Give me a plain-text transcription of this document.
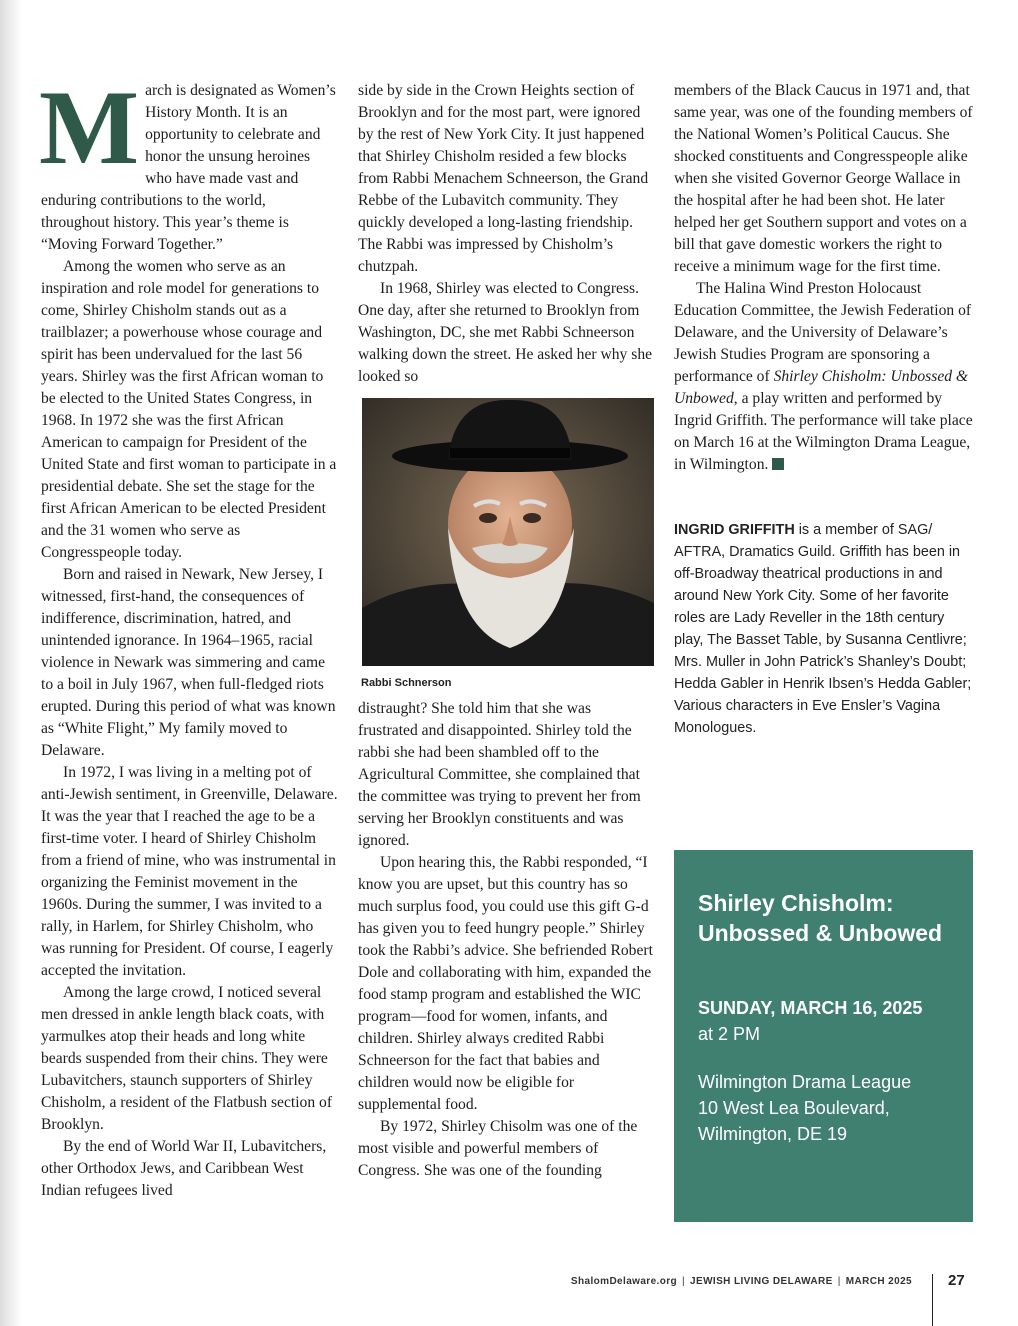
March is designated as Women’s History Month. It is an opportunity to celebrate and honor the unsung heroines who have made vast and enduring contributions to the world, throughout history. This year’s theme is “Moving Forward Together.”

Among the women who serve as an inspiration and role model for generations to come, Shirley Chisholm stands out as a trailblazer; a powerhouse whose courage and spirit has been undervalued for the last 56 years. Shirley was the first African woman to be elected to the United States Congress, in 1968. In 1972 she was the first African American to campaign for President of the United State and first woman to participate in a presidential debate. She set the stage for the first African American to be elected President and the 31 women who serve as Congresspeople today.

Born and raised in Newark, New Jersey, I witnessed, first-hand, the consequences of indifference, discrimination, hatred, and unintended ignorance. In 1964–1965, racial violence in Newark was simmering and came to a boil in July 1967, when full-fledged riots erupted. During this period of what was known as “White Flight,” My family moved to Delaware.

In 1972, I was living in a melting pot of anti-Jewish sentiment, in Greenville, Delaware. It was the year that I reached the age to be a first-time voter. I heard of Shirley Chisholm from a friend of mine, who was instrumental in organizing the Feminist movement in the 1960s. During the summer, I was invited to a rally, in Harlem, for Shirley Chisholm, who was running for President. Of course, I eagerly accepted the invitation.

Among the large crowd, I noticed several men dressed in ankle length black coats, with yarmulkes atop their heads and long white beards suspended from their chins. They were Lubavitchers, staunch supporters of Shirley Chisholm, a resident of the Flatbush section of Brooklyn.

By the end of World War II, Lubavitchers, other Orthodox Jews, and Caribbean West Indian refugees lived

side by side in the Crown Heights section of Brooklyn and for the most part, were ignored by the rest of New York City. It just happened that Shirley Chisholm resided a few blocks from Rabbi Menachem Schneerson, the Grand Rebbe of the Lubavitch community. They quickly developed a long-lasting friendship. The Rabbi was impressed by Chisholm’s chutzpah.

In 1968, Shirley was elected to Congress. One day, after she returned to Brooklyn from Washington, DC, she met Rabbi Schneerson walking down the street. He asked her why she looked so

Rabbi Schnerson

distraught? She told him that she was frustrated and disappointed. Shirley told the rabbi she had been shambled off to the Agricultural Committee, she complained that the committee was trying to prevent her from serving her Brooklyn constituents and was ignored.

Upon hearing this, the Rabbi responded, “I know you are upset, but this country has so much surplus food, you could use this gift G-d has given you to feed hungry people.” Shirley took the Rabbi’s advice. She befriended Robert Dole and collaborating with him, expanded the food stamp program and established the WIC program—food for women, infants, and children. Shirley always credited Rabbi Schneerson for the fact that babies and children would now be eligible for supplemental food.

By 1972, Shirley Chisolm was one of the most visible and powerful members of Congress. She was one of the founding

members of the Black Caucus in 1971 and, that same year, was one of the founding members of the National Women’s Political Caucus. She shocked constituents and Congresspeople alike when she visited Governor George Wallace in the hospital after he had been shot. He later helped her get Southern support and votes on a bill that gave domestic workers the right to receive a minimum wage for the first time.

The Halina Wind Preston Holocaust Education Committee, the Jewish Federation of Delaware, and the University of Delaware’s Jewish Studies Program are sponsoring a performance of Shirley Chisholm: Unbossed & Unbowed, a play written and performed by Ingrid Griffith. The performance will take place on March 16 at the Wilmington Drama League, in Wilmington.

INGRID GRIFFITH is a member of SAG/ AFTRA, Dramatics Guild. Griffith has been in off-Broadway theatrical productions in and around New York City. Some of her favorite roles are Lady Reveller in the 18th century play, The Basset Table, by Susanna Centlivre; Mrs. Muller in John Patrick’s Shanley’s Doubt; Hedda Gabler in Henrik Ibsen’s Hedda Gabler; Various characters in Eve Ensler’s Vagina Monologues.
Shirley Chisholm: Unbossed & Unbowed
SUNDAY, MARCH 16, 2025
at 2 PM
Wilmington Drama League
10 West Lea Boulevard,
Wilmington, DE 19
ShalomDelaware.org | JEWISH LIVING DELAWARE | MARCH 2025 27
